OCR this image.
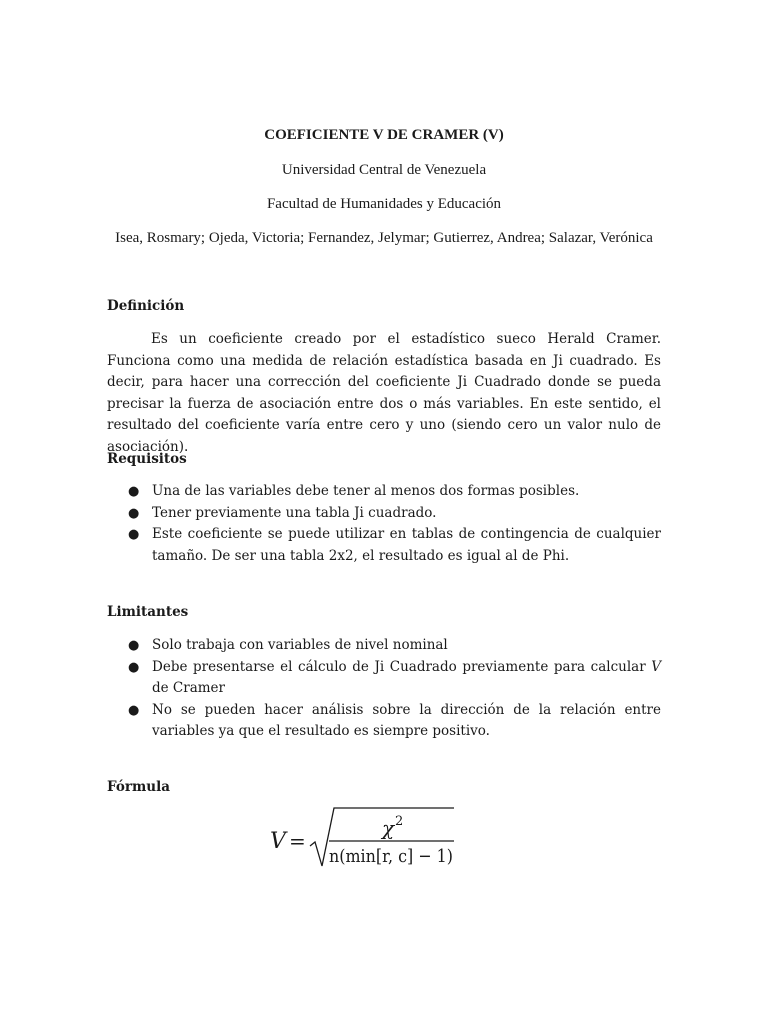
COEFICIENTE V DE CRAMER (V)
Universidad Central de Venezuela
Facultad de Humanidades y Educación
Isea, Rosmary; Ojeda, Victoria; Fernandez, Jelymar; Gutierrez, Andrea; Salazar, Verónica
Definición

Es un coeficiente creado por el estadístico sueco Herald Cramer. Funciona como una medida de relación estadística basada en Ji cuadrado. Es decir, para hacer una corrección del coeficiente Ji Cuadrado donde se pueda precisar la fuerza de asociación entre dos o más variables. En este sentido, el resultado del coeficiente varía entre cero y uno (siendo cero un valor nulo de asociación).

Requisitos
● Una de las variables debe tener al menos dos formas posibles.
● Tener previamente una tabla Ji cuadrado.
● Este coeficiente se puede utilizar en tablas de contingencia de cualquier tamaño. De ser una tabla 2x2, el resultado es igual al de Phi.
Limitantes
● Solo trabaja con variables de nivel nominal
● Debe presentarse el cálculo de Ji Cuadrado previamente para calcular V de Cramer
● No se pueden hacer análisis sobre la dirección de la relación entre variables ya que el resultado es siempre positivo.
Fórmula
V =
χ 2
n(min[r, c] − 1)
